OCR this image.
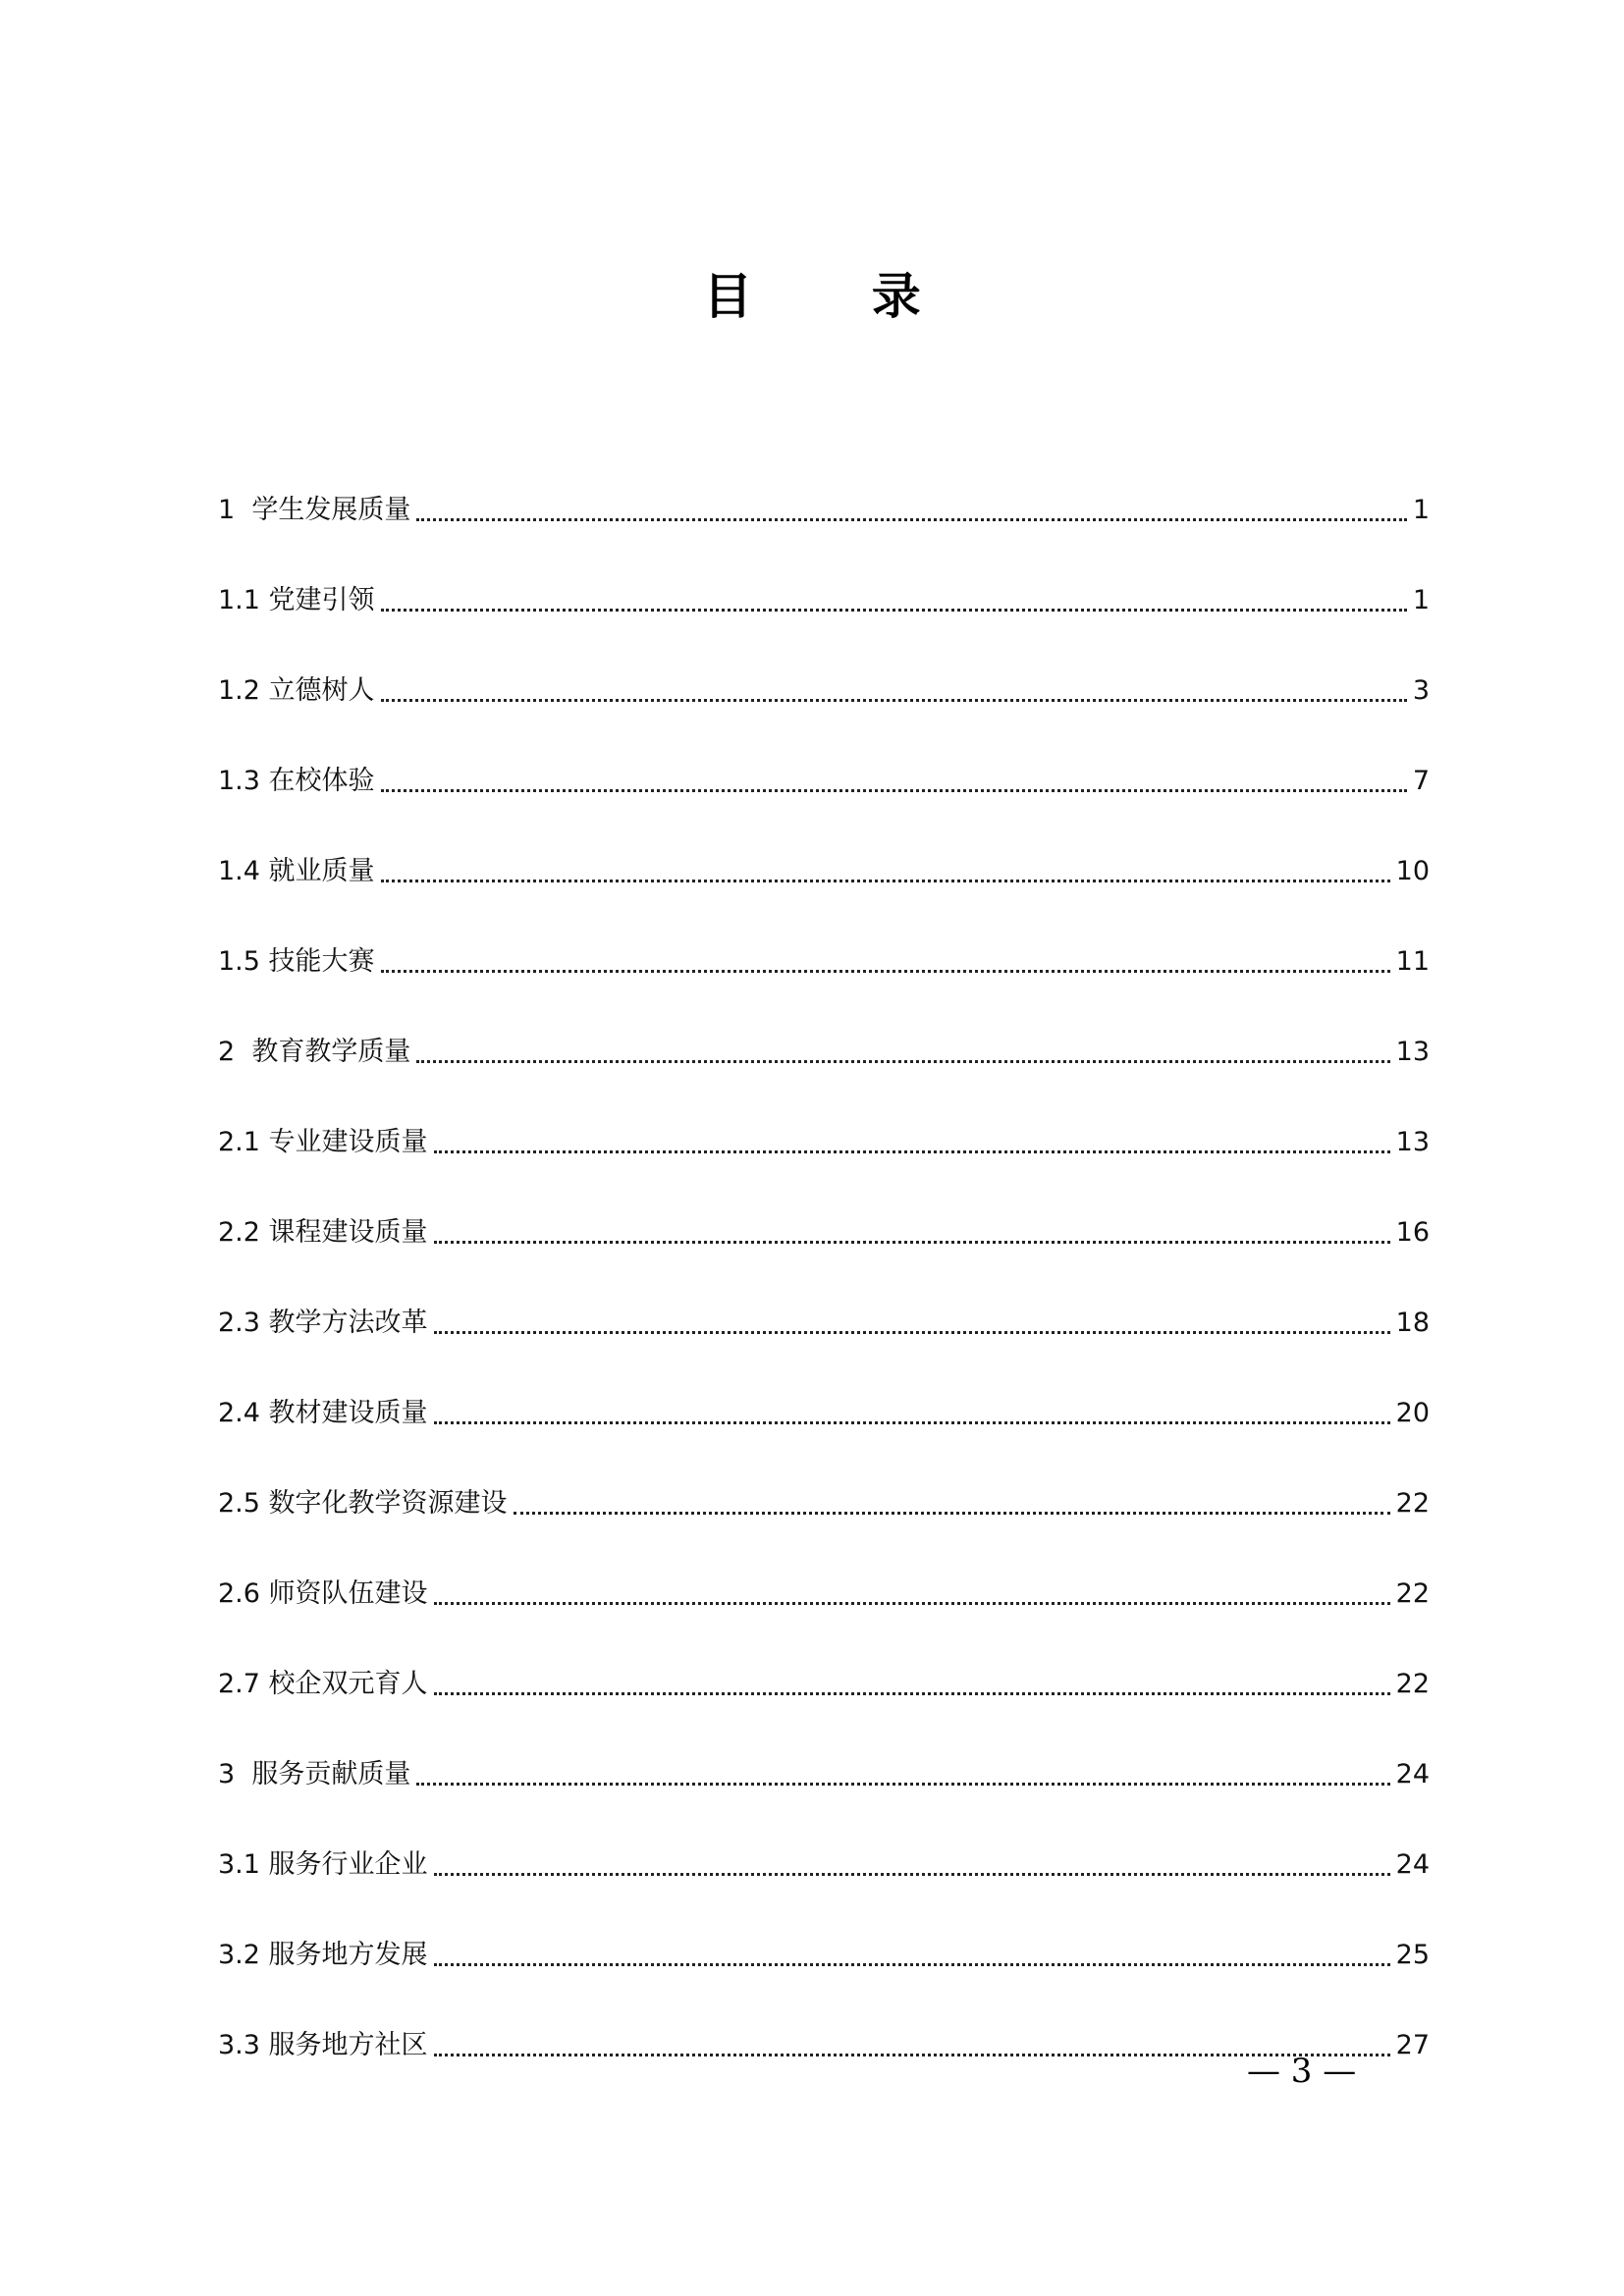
目 录
1 学生发展质量	1
1.1 党建引领	1
1.2 立德树人	3
1.3 在校体验	7
1.4 就业质量	10
1.5 技能大赛	11
2 教育教学质量	13
2.1 专业建设质量	13
2.2 课程建设质量	16
2.3 教学方法改革	18
2.4 教材建设质量	20
2.5 数字化教学资源建设	22
2.6 师资队伍建设	22
2.7 校企双元育人	22
3 服务贡献质量	24
3.1 服务行业企业	24
3.2 服务地方发展	25
3.3 服务地方社区	27
— 3 —
